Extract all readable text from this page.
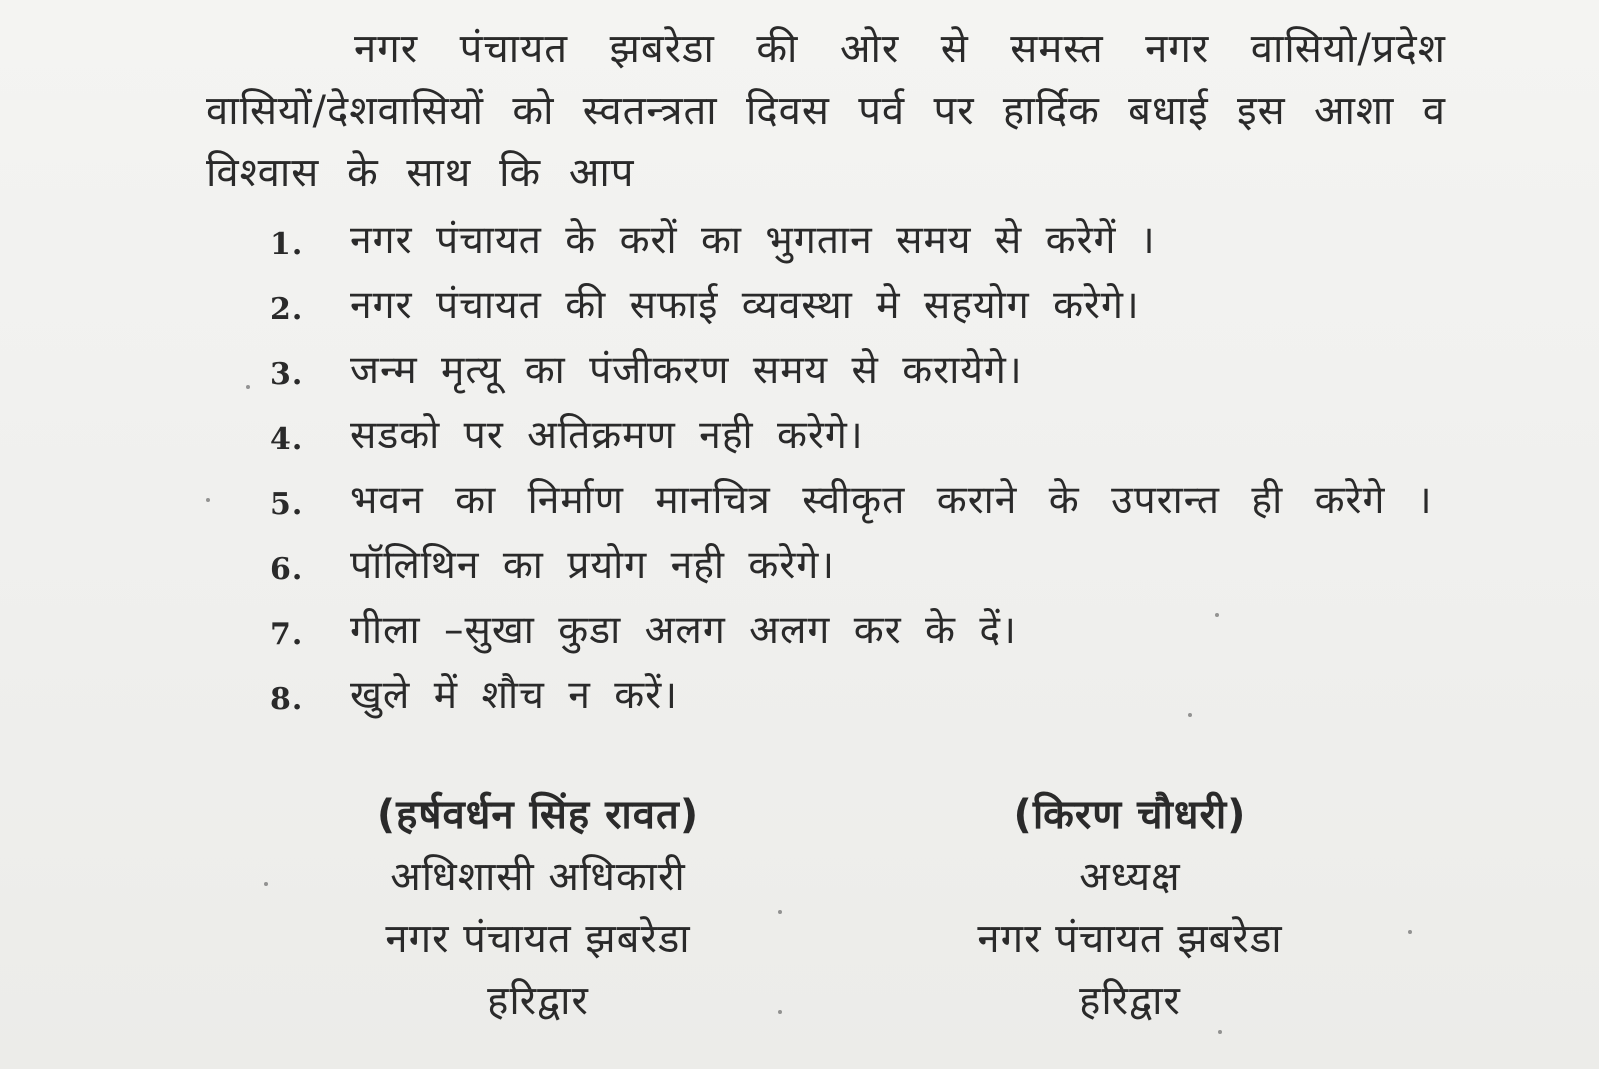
नगर पंचायत झबरेडा की ओर से समस्त नगर वासियो/प्रदेश वासियों/देशवासियों को स्वतन्त्रता दिवस पर्व पर हार्दिक बधाई इस आशा व विश्वास के साथ कि आप

1.	नगर पंचायत के करों का भुगतान समय से करेगें ।
2.	नगर पंचायत की सफाई व्यवस्था मे सहयोग करेगे।
3.	जन्म मृत्यू का पंजीकरण समय से करायेगे।
4.	सडको पर अतिक्रमण नही करेगे।
5.	भवन का निर्माण मानचित्र स्वीकृत कराने के उपरान्त ही करेगे ।
6.	पॉलिथिन का प्रयोग नही करेगे।
7.	गीला –सुखा कुडा अलग अलग कर के दें।
8.	खुले में शौच न करें।
(हर्षवर्धन सिंह रावत)
अधिशासी अधिकारी
नगर पंचायत झबरेडा
हरिद्वार
(किरण चौधरी)
अध्यक्ष
नगर पंचायत झबरेडा
हरिद्वार
